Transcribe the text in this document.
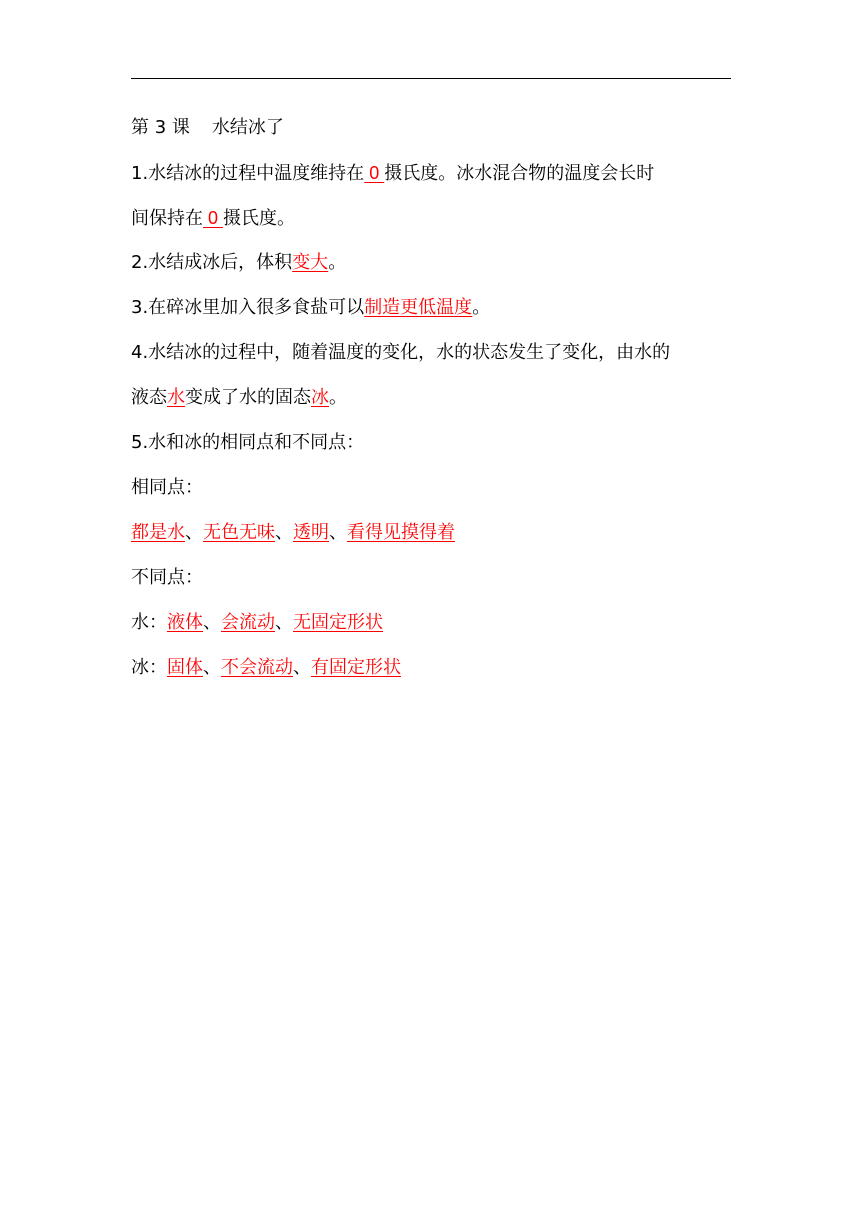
第 3 课 水结冰了
1.水结冰的过程中温度维持在 0 摄氏度。冰水混合物的温度会长时
间保持在 0 摄氏度。
2.水结成冰后，体积变大。
3.在碎冰里加入很多食盐可以制造更低温度。
4.水结冰的过程中，随着温度的变化，水的状态发生了变化，由水的
液态水变成了水的固态冰。
5.水和冰的相同点和不同点：
相同点：
都是水、无色无味、透明、看得见摸得着
不同点：
水：液体、会流动、无固定形状
冰：固体、不会流动、有固定形状
